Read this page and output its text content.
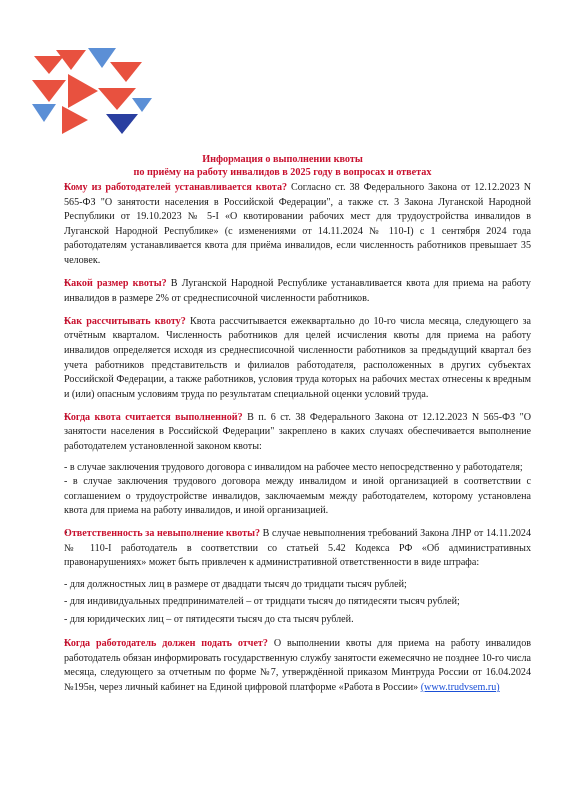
Информация о выполнении квоты
по приёму на работу инвалидов в 2025 году в вопросах и ответах

Кому из работодателей устанавливается квота? Согласно ст. 38 Федерального Закона от 12.12.2023 N 565-ФЗ "О занятости населения в Российской Федерации", а также ст. 3 Закона Луганской Народной Республики от 19.10.2023 № 5-I «О квотировании рабочих мест для трудоустройства инвалидов в Луганской Народной Республике» (с изменениями от 14.11.2024 № 110-I) с 1 сентября 2024 года работодателям устанавливается квота для приёма инвалидов, если численность работников превышает 35 человек.

Какой размер квоты? В Луганской Народной Республике устанавливается квота для приема на работу инвалидов в размере 2% от среднесписочной численности работников.

Как рассчитывать квоту? Квота рассчитывается ежеквартально до 10-го числа месяца, следующего за отчётным кварталом. Численность работников для целей исчисления квоты для приема на работу инвалидов определяется исходя из среднесписочной численности работников за предыдущий квартал без учета работников представительств и филиалов работодателя, расположенных в других субъектах Российской Федерации, а также работников, условия труда которых на рабочих местах отнесены к вредным и (или) опасным условиям труда по результатам специальной оценки условий труда.

Когда квота считается выполненной? В п. 6 ст. 38 Федерального Закона от 12.12.2023 N 565-ФЗ "О занятости населения в Российской Федерации" закреплено в каких случаях обеспечивается выполнение работодателем установленной законом квоты:

- в случае заключения трудового договора с инвалидом на рабочее место непосредственно у работодателя;

- в случае заключения трудового договора между инвалидом и иной организацией в соответствии с соглашением о трудоустройстве инвалидов, заключаемым между работодателем, которому установлена квота для приема на работу инвалидов, и иной организацией.

Ответственность за невыполнение квоты? В случае невыполнения требований Закона ЛНР от 14.11.2024 № 110-I работодатель в соответствии со статьей 5.42 Кодекса РФ «Об административных правонарушениях» может быть привлечен к административной ответственности в виде штрафа:

- для должностных лиц в размере от двадцати тысяч до тридцати тысяч рублей;

- для индивидуальных предпринимателей – от тридцати тысяч до пятидесяти тысяч рублей;

- для юридических лиц – от пятидесяти тысяч до ста тысяч рублей.

Когда работодатель должен подать отчет? О выполнении квоты для приема на работу инвалидов работодатель обязан информировать государственную службу занятости ежемесячно не позднее 10-го числа месяца, следующего за отчетным по форме №7, утверждённой приказом Минтруда России от 16.04.2024 №195н, через личный кабинет на Единой цифровой платформе «Работа в России» (www.trudvsem.ru)
